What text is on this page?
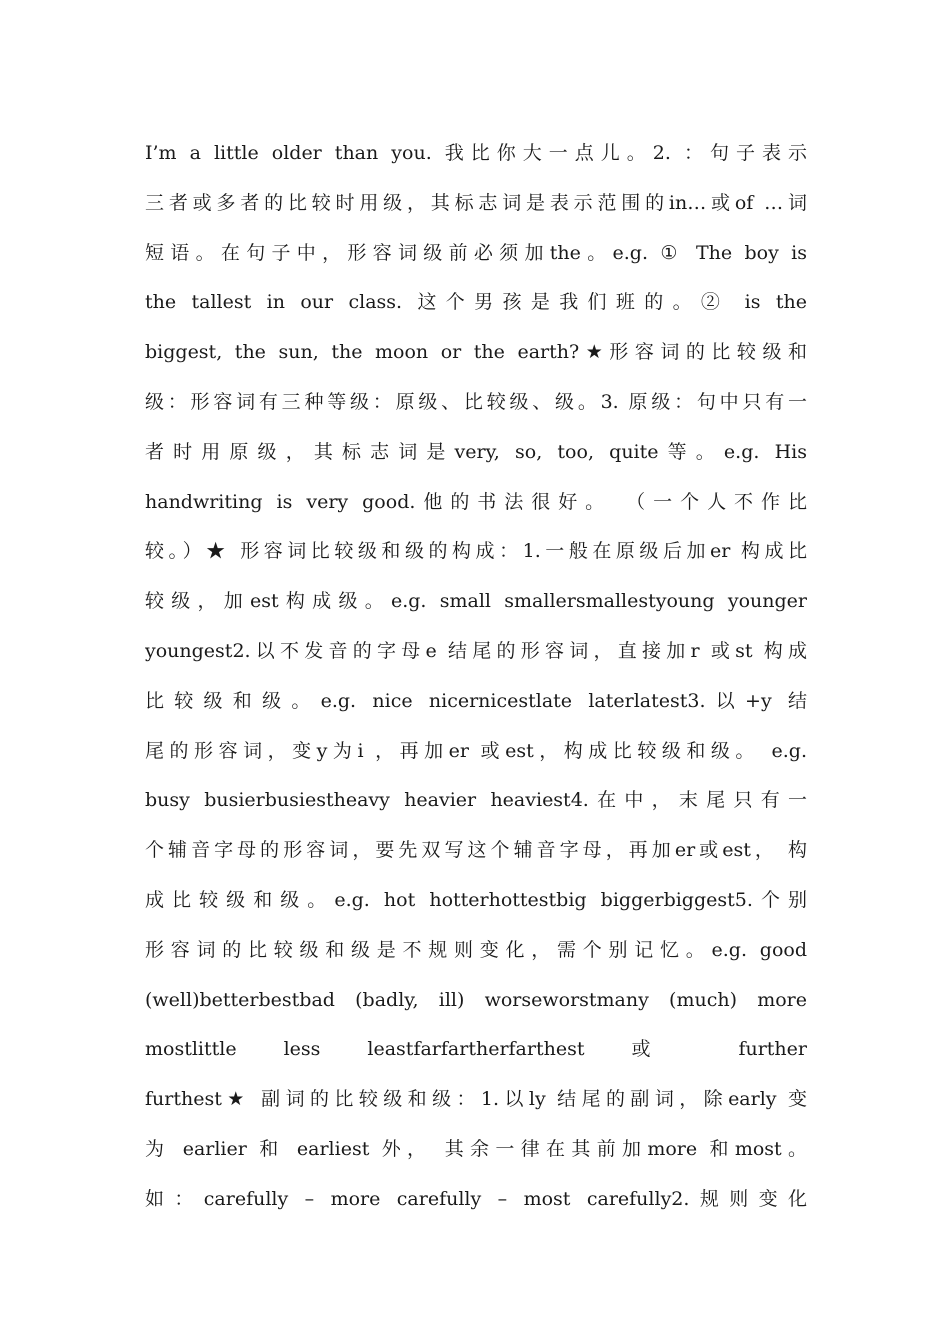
I’m a little older than you. 我比你大一点儿。2. ：句子表示
三者或多者的比较时用级，其标志词是表示范围的in…或of …词
短语。在句子中，形容词级前必须加the。e.g. ① The boy is
the tallest in our class. 这个男孩是我们班的。② is the
biggest, the sun, the moon or the earth?★形容词的比较级和
级：形容词有三种等级：原级、比较级、级。3. 原级：句中只有一
者时用原级，其标志词是very, so, too, quite等。e.g. His
handwriting is very good.他的书法很好。 （一个人不作比
较。）★ 形容词比较级和级的构成：1.一般在原级后加er 构成比
较级，加est构成级。e.g. small smallersmallestyoung younger
youngest2.以不发音的字母e 结尾的形容词，直接加r 或st 构成
比较级和级。e.g. nice nicernicestlate laterlatest3.以+y 结
尾的形容词，变y为i ，再加er 或est，构成比较级和级。 e.g.
busy busierbusiestheavy heavier heaviest4.在中，末尾只有一
个辅音字母的形容词，要先双写这个辅音字母，再加er或est， 构
成比较级和级。e.g. hot hotterhottestbig biggerbiggest5.个别
形容词的比较级和级是不规则变化，需个别记忆。e.g. good
(well)betterbestbad (badly, ill) worseworstmany (much) more
mostlittle less leastfarfartherfarthest 或 further
furthest★ 副词的比较级和级：1.以ly 结尾的副词，除early 变
为 earlier 和 earliest 外， 其余一律在其前加more 和most。
如：carefully – more carefully – most carefully2.规则变化
